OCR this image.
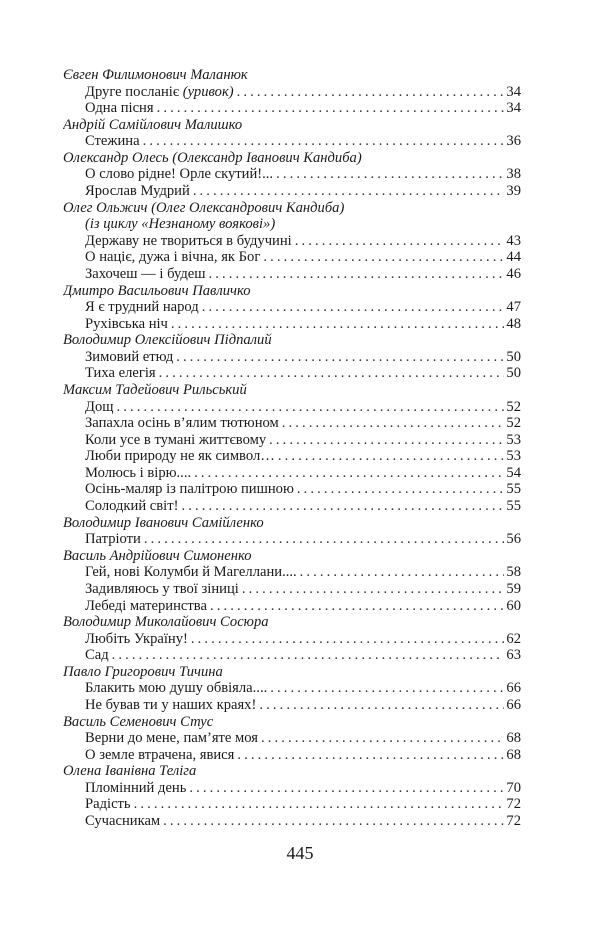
Євген Филимонович Маланюк
Друге посланіє (уривок) .....	34
Одна пісня .....	34
Андрій Самійлович Малишко
Стежина .....	36
Олександр Олесь (Олександр Іванович Кандиба)
О слово рідне! Орле скутий!... .....	38
Ярослав Мудрий .....	39
Олег Ольжич (Олег Олександрович Кандиба)
(із циклу «Незнаному воякові»)
Державу не твориться в будучині .....	43
О націє, дужа і вічна, як Бог .....	44
Захочеш — і будеш .....	46
Дмитро Васильович Павличко
Я є трудний народ .....	47
Рухівська ніч .....	48
Володимир Олексійович Підпалий
Зимовий етюд .....	50
Тиха елегія .....	50
Максим Тадейович Рильський
Дощ .....	52
Запахла осінь в’ялим тютюном .....	52
Коли усе в тумані життєвому .....	53
Люби природу не як символ… .....	53
Молюсь і вірю.... .....	54
Осінь-маляр із палітрою пишною .....	55
Солодкий світ! .....	55
Володимир Іванович Самійленко
Патріоти .....	56
Василь Андрійович Симоненко
Гей, нові Колумби й Магеллани.... .....	58
Задивляюсь у твої зіниці .....	59
Лебеді материнства .....	60
Володимир Миколайович Сосюра
Любіть Україну! .....	62
Сад .....	63
Павло Григорович Тичина
Блакить мою душу обвіяла.... .....	66
Не бував ти у наших краях! .....	66
Василь Семенович Стус
Верни до мене, пам’яте моя .....	68
О земле втрачена, явися .....	68
Олена Іванівна Теліга
Пломінний день .....	70
Радість .....	72
Сучасникам .....	72
445
